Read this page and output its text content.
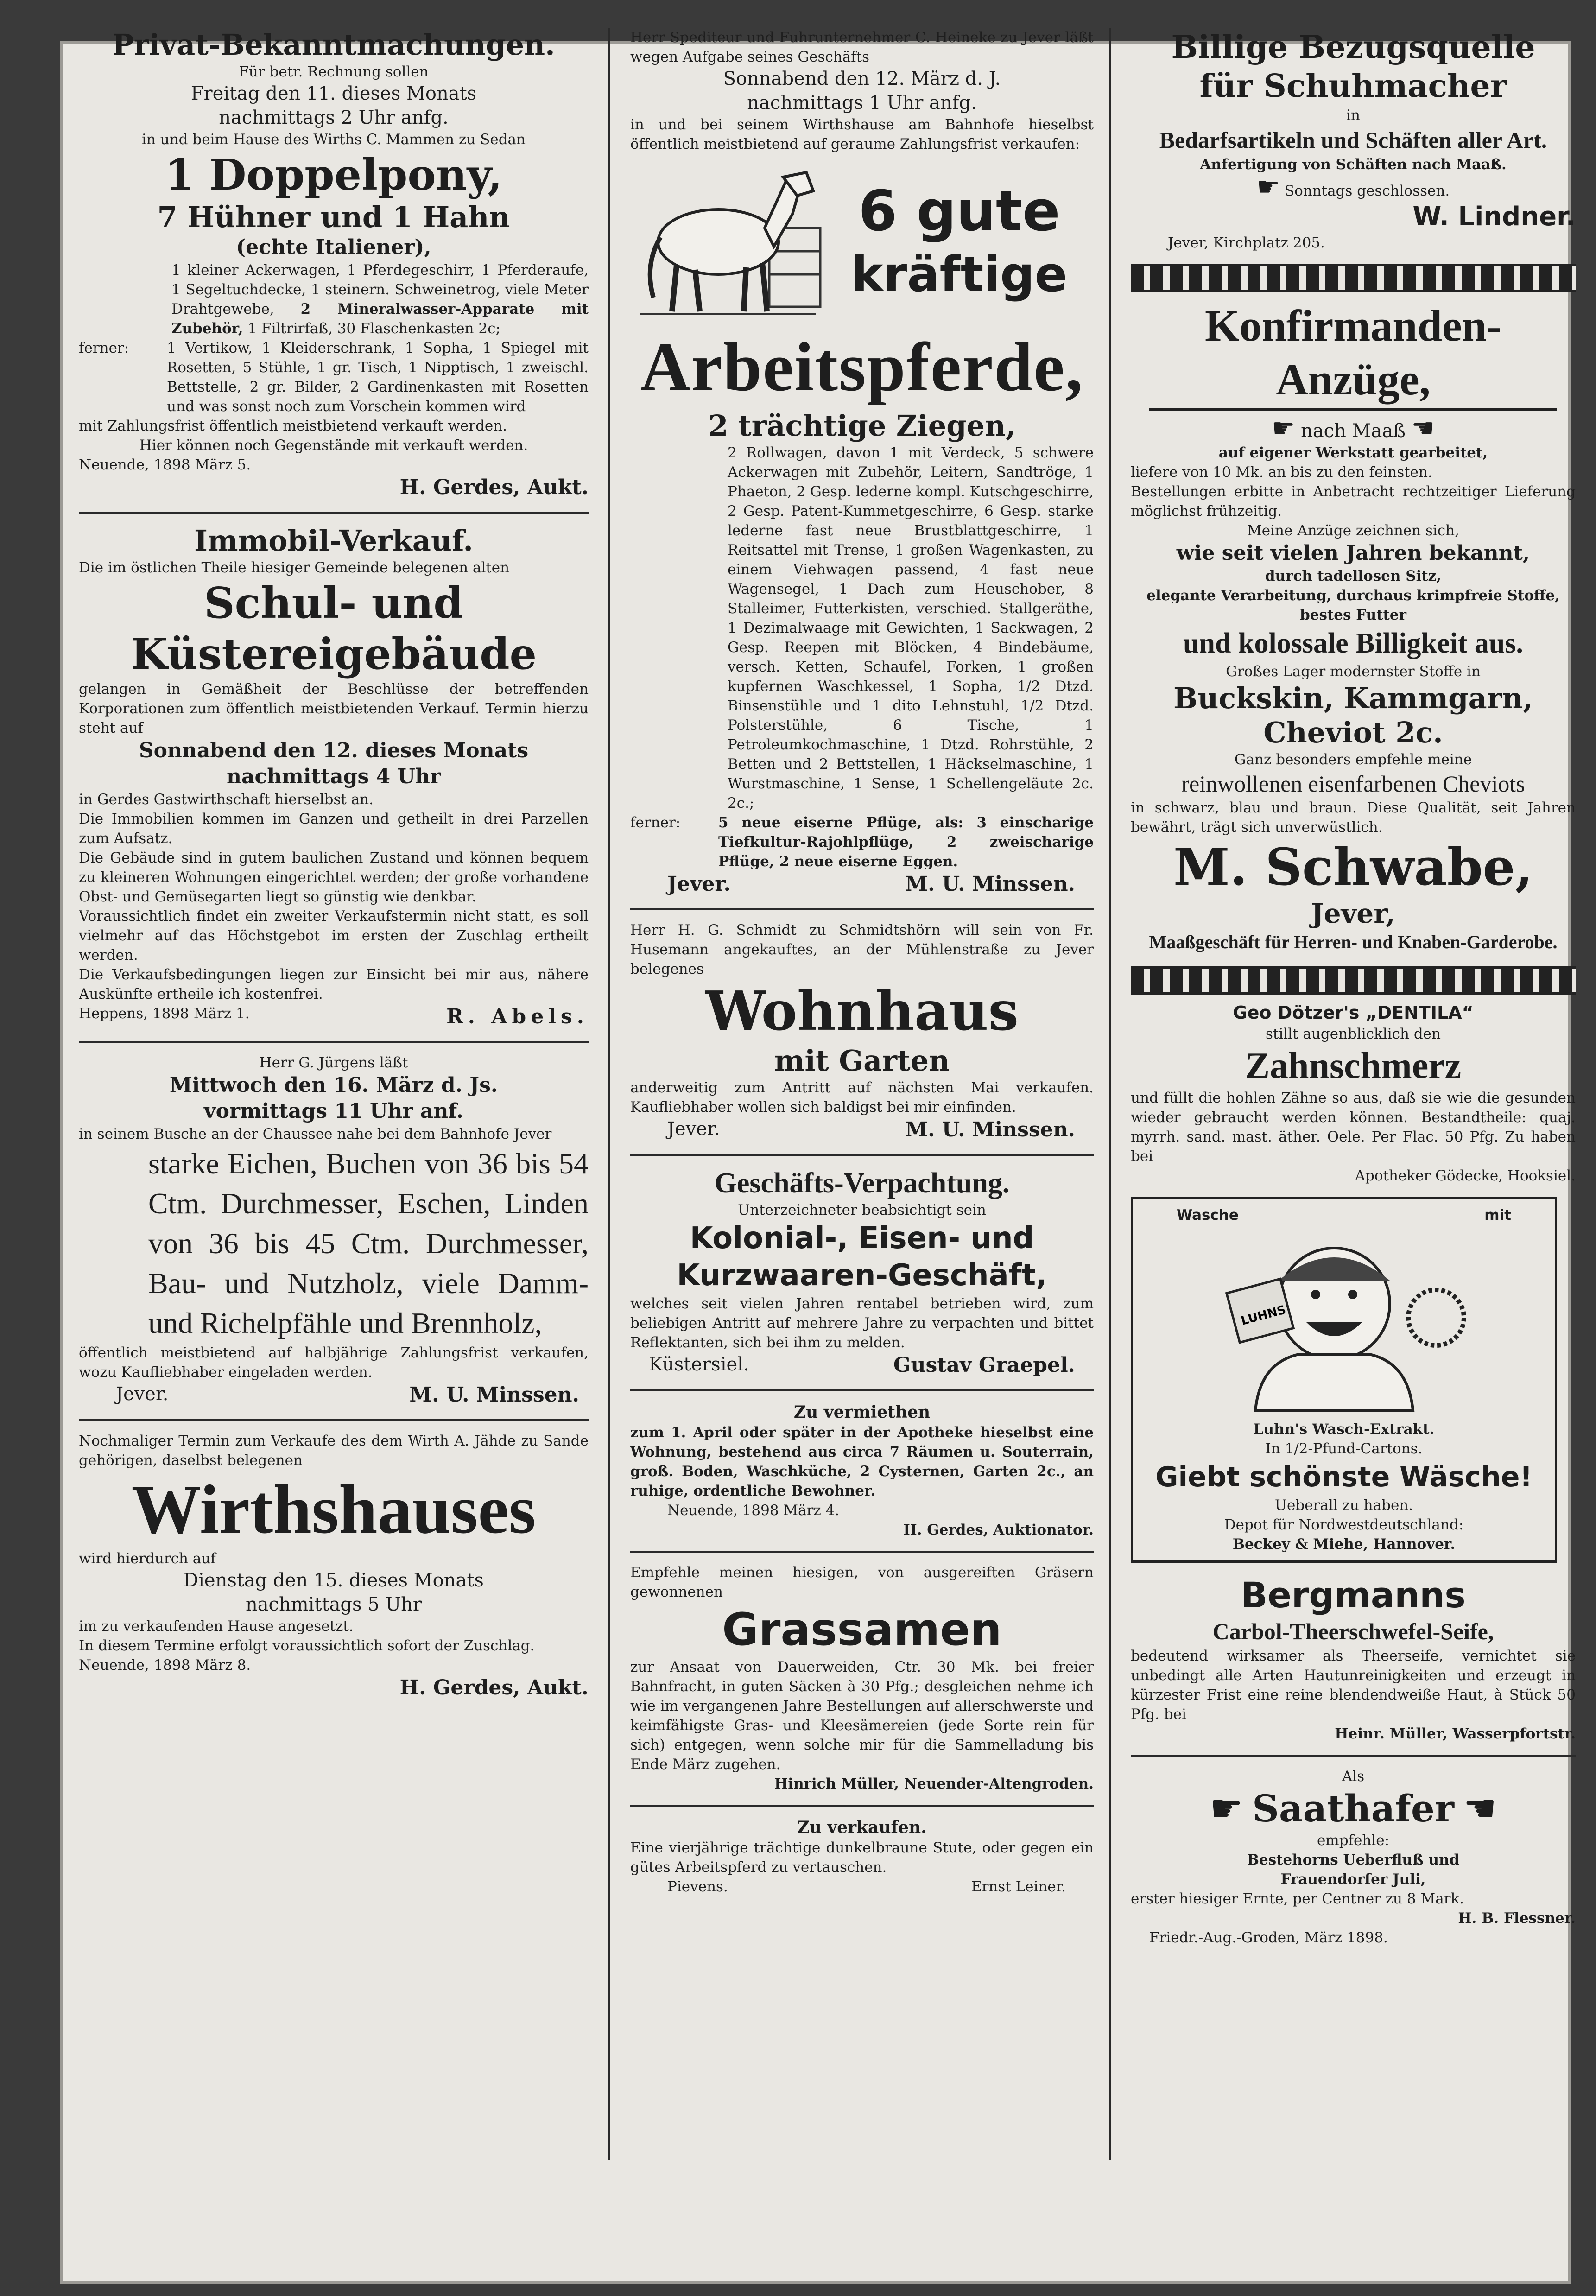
Privat-Bekanntmachungen.
Für betr. Rechnung sollen
Freitag den 11. dieses Monats
nachmittags 2 Uhr anfg.
in und beim Hause des Wirths C. Mammen zu Sedan
1 Doppelpony,
7 Hühner und 1 Hahn
(echte Italiener),
1 kleiner Ackerwagen, 1 Pferdegeschirr, 1 Pferderaufe, 1 Segeltuchdecke, 1 steinern. Schweinetrog, viele Meter Drahtgewebe, 2 Mineralwasser-Apparate mit Zubehör, 1 Filtrirfaß, 30 Flaschenkasten 2c;
ferner:	1 Vertikow, 1 Kleiderschrank, 1 Sopha, 1 Spiegel mit Rosetten, 5 Stühle, 1 gr. Tisch, 1 Nipptisch, 1 zweischl. Bettstelle, 2 gr. Bilder, 2 Gardinenkasten mit Rosetten und was sonst noch zum Vorschein kommen wird
mit Zahlungsfrist öffentlich meistbietend verkauft werden.
Hier können noch Gegenstände mit verkauft werden.
Neuende, 1898 März 5.
H. Gerdes, Aukt.
Immobil-Verkauf.
Die im östlichen Theile hiesiger Gemeinde belegenen alten
Schul- und
Küstereigebäude
gelangen in Gemäßheit der Beschlüsse der betreffenden Korporationen zum öffentlich meistbietenden Verkauf. Termin hierzu steht auf
Sonnabend den 12. dieses Monats
nachmittags 4 Uhr
in Gerdes Gastwirthschaft hierselbst an.
Die Immobilien kommen im Ganzen und getheilt in drei Parzellen zum Aufsatz.
Die Gebäude sind in gutem baulichen Zustand und können bequem zu kleineren Wohnungen eingerichtet werden; der große vorhandene Obst- und Gemüsegarten liegt so günstig wie denkbar.
Voraussichtlich findet ein zweiter Verkaufstermin nicht statt, es soll vielmehr auf das Höchstgebot im ersten der Zuschlag ertheilt werden.
Die Verkaufsbedingungen liegen zur Einsicht bei mir aus, nähere Auskünfte ertheile ich kostenfrei.
Heppens, 1898 März 1.	R. Abels.
Herr G. Jürgens läßt
Mittwoch den 16. März d. Js.
vormittags 11 Uhr anf.
in seinem Busche an der Chaussee nahe bei dem Bahnhofe Jever
starke Eichen, Buchen von 36 bis 54 Ctm. Durchmesser, Eschen, Linden von 36 bis 45 Ctm. Durchmesser, Bau- und Nutzholz, viele Damm- und Richelpfähle und Brennholz,
öffentlich meistbietend auf halbjährige Zahlungsfrist verkaufen, wozu Kaufliebhaber eingeladen werden.
Jever.	M. U. Minssen.
Nochmaliger Termin zum Verkaufe des dem Wirth A. Jähde zu Sande gehörigen, daselbst belegenen
Wirthshauses
wird hierdurch auf
Dienstag den 15. dieses Monats
nachmittags 5 Uhr
im zu verkaufenden Hause angesetzt.
In diesem Termine erfolgt voraussichtlich sofort der Zuschlag.
Neuende, 1898 März 8.
H. Gerdes, Aukt.
Herr Spediteur und Fuhrunternehmer C. Heineke zu Jever läßt wegen Aufgabe seines Geschäfts
Sonnabend den 12. März d. J.
nachmittags 1 Uhr anfg.
in und bei seinem Wirthshause am Bahnhofe hieselbst öffentlich meistbietend auf geraume Zahlungsfrist verkaufen:
6 gute
kräftige
Arbeitspferde,
2 trächtige Ziegen,
2 Rollwagen, davon 1 mit Verdeck, 5 schwere Ackerwagen mit Zubehör, Leitern, Sandtröge, 1 Phaeton, 2 Gesp. lederne kompl. Kutschgeschirre, 2 Gesp. Patent-Kummetgeschirre, 6 Gesp. starke lederne fast neue Brustblattgeschirre, 1 Reitsattel mit Trense, 1 großen Wagenkasten, zu einem Viehwagen passend, 4 fast neue Wagensegel, 1 Dach zum Heuschober, 8 Stalleimer, Futterkisten, verschied. Stallgeräthe, 1 Dezimalwaage mit Gewichten, 1 Sackwagen, 2 Gesp. Reepen mit Blöcken, 4 Bindebäume, versch. Ketten, Schaufel, Forken, 1 großen kupfernen Waschkessel, 1 Sopha, 1/2 Dtzd. Binsenstühle und 1 dito Lehnstuhl, 1/2 Dtzd. Polsterstühle, 6 Tische, 1 Petroleumkochmaschine, 1 Dtzd. Rohrstühle, 2 Betten und 2 Bettstellen, 1 Häckselmaschine, 1 Wurstmaschine, 1 Sense, 1 Schellengeläute 2c. 2c.;
ferner:	5 neue eiserne Pflüge, als: 3 einscharige Tiefkultur-Rajohlpflüge, 2 zweischarige Pflüge, 2 neue eiserne Eggen.
Jever.	M. U. Minssen.
Herr H. G. Schmidt zu Schmidtshörn will sein von Fr. Husemann angekauftes, an der Mühlenstraße zu Jever belegenes
Wohnhaus
mit Garten
anderweitig zum Antritt auf nächsten Mai verkaufen. Kaufliebhaber wollen sich baldigst bei mir einfinden.
Jever.	M. U. Minssen.
Geschäfts-Verpachtung.
Unterzeichneter beabsichtigt sein
Kolonial-, Eisen- und Kurzwaaren-Geschäft,
welches seit vielen Jahren rentabel betrieben wird, zum beliebigen Antritt auf mehrere Jahre zu verpachten und bittet Reflektanten, sich bei ihm zu melden.
Küstersiel.	Gustav Graepel.
Zu vermiethen
zum 1. April oder später in der Apotheke hieselbst eine Wohnung, bestehend aus circa 7 Räumen u. Souterrain, groß. Boden, Waschküche, 2 Cysternen, Garten 2c., an ruhige, ordentliche Bewohner.
Neuende, 1898 März 4.
H. Gerdes, Auktionator.
Empfehle meinen hiesigen, von ausgereiften Gräsern gewonnenen
Grassamen
zur Ansaat von Dauerweiden, Ctr. 30 Mk. bei freier Bahnfracht, in guten Säcken à 30 Pfg.; desgleichen nehme ich wie im vergangenen Jahre Bestellungen auf allerschwerste und keimfähigste Gras- und Kleesämereien (jede Sorte rein für sich) entgegen, wenn solche mir für die Sammelladung bis Ende März zugehen.
Hinrich Müller, Neuender-Altengroden.
Zu verkaufen.
Eine vierjährige trächtige dunkelbraune Stute, oder gegen ein gütes Arbeitspferd zu vertauschen.
Pievens.	Ernst Leiner.
Billige Bezugsquelle
für Schuhmacher
in
Bedarfsartikeln und Schäften aller Art.
Anfertigung von Schäften nach Maaß.
☛ Sonntags geschlossen.
W. Lindner.
Jever, Kirchplatz 205.
Konfirmanden-Anzüge,
☛ nach Maaß ☚
auf eigener Werkstatt gearbeitet,
liefere von 10 Mk. an bis zu den feinsten.
Bestellungen erbitte in Anbetracht rechtzeitiger Lieferung möglichst frühzeitig.
Meine Anzüge zeichnen sich,
wie seit vielen Jahren bekannt,
durch tadellosen Sitz,
elegante Verarbeitung, durchaus krimpfreie Stoffe, bestes Futter
und kolossale Billigkeit aus.
Großes Lager modernster Stoffe in
Buckskin, Kammgarn,
Cheviot 2c.
Ganz besonders empfehle meine
reinwollenen eisenfarbenen Cheviots
in schwarz, blau und braun. Diese Qualität, seit Jahren bewährt, trägt sich unverwüstlich.
M. Schwabe,
Jever,
Maaßgeschäft für Herren- und Knaben-Garderobe.
Geo Dötzer's „DENTILA“
stillt augenblicklich den
Zahnschmerz
und füllt die hohlen Zähne so aus, daß sie wie die gesunden wieder gebraucht werden können. Bestandtheile: quaj. myrrh. sand. mast. äther. Oele. Per Flac. 50 Pfg. Zu haben bei
Apotheker Gödecke, Hooksiel.
Wasche	mit
LUHNS
Luhn's Wasch-Extrakt.
In 1/2-Pfund-Cartons.
Giebt schönste Wäsche!
Ueberall zu haben.
Depot für Nordwestdeutschland:
Beckey & Miehe, Hannover.
Bergmanns
Carbol-Theerschwefel-Seife,
bedeutend wirksamer als Theerseife, vernichtet sie unbedingt alle Arten Hautunreinigkeiten und erzeugt in kürzester Frist eine reine blendendweiße Haut, à Stück 50 Pfg. bei
Heinr. Müller, Wasserpfortstr.
Als
☛ Saathafer ☚
empfehle:
Bestehorns Ueberfluß und
Frauendorfer Juli,
erster hiesiger Ernte, per Centner zu 8 Mark.
H. B. Flessner.
Friedr.-Aug.-Groden, März 1898.
